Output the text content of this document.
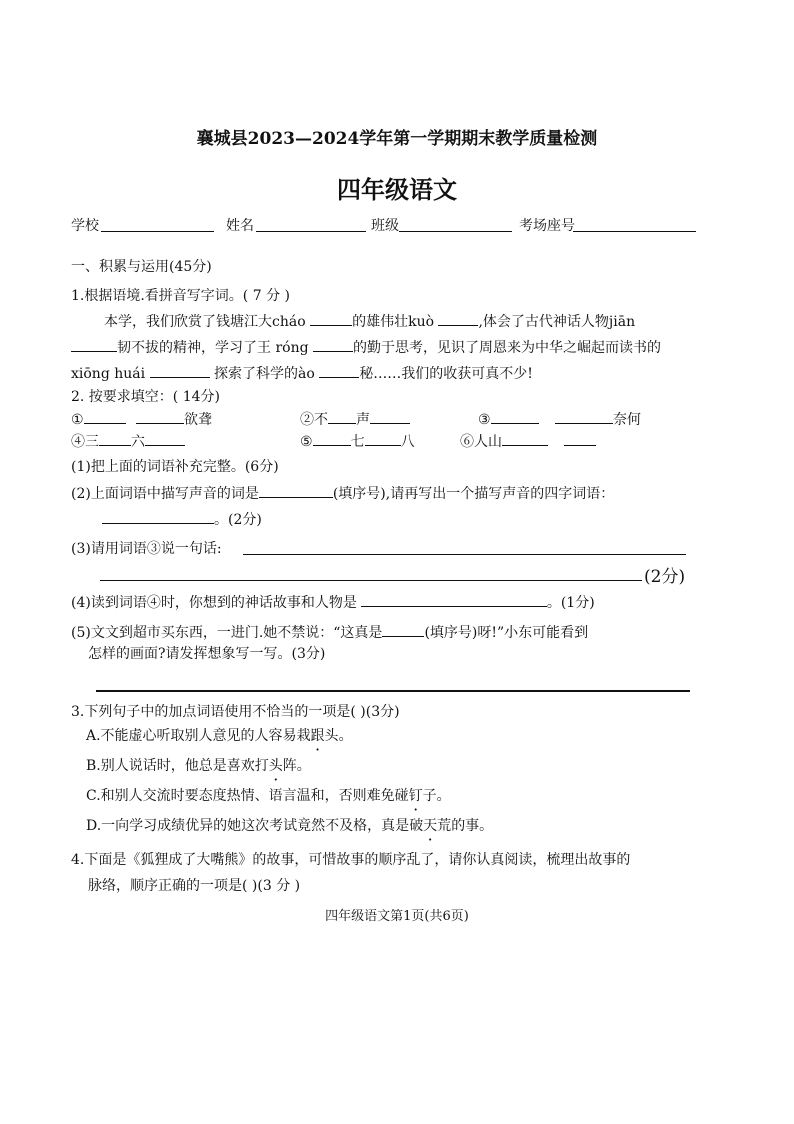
襄城县2023—2024学年第一学期期末教学质量检测
四年级语文
学校	姓名	班级	考场座号
一、积累与运用(45分)
1.根据语境.看拼音写字词。( 7 分 )
本学，我们欣赏了钱塘江大cháo	的雄伟壮kuò	,体会了古代神话人物jiān
韧不拔的精神，学习了王 róng	的勤于思考，见识了周恩来为中华之崛起而读书的
xiōng huái	探索了科学的ào	秘……我们的收获可真不少!
2. 按要求填空：( 14分)
①	欲聋	②不 声	③	奈何
④三 六	⑤	七	八	⑥人山
(1)把上面的词语补充完整。(6分)
(2)上面词语中描写声音的词是	(填序号),请再写出一个描写声音的四字词语：
。(2分)
(3)请用词语③说一句话:
(2分)
(4)读到词语④时，你想到的神话故事和人物是	。(1分)
(5)文文到超市买东西，一进门.她不禁说：“这真是	(填序号)呀!”小东可能看到
怎样的画面?请发挥想象写一写。(3分)
3.下列句子中的加点词语使用不恰当的一项是( )(3分)
A.不能虚心听取别人意见的人容易栽跟头。
B.别人说话时，他总是喜欢打头阵。
C.和别人交流时要态度热情、语言温和，否则难免碰钉子。
D.一向学习成绩优异的她这次考试竟然不及格，真是破天荒的事。
4.下面是《狐狸成了大嘴熊》的故事，可惜故事的顺序乱了，请你认真阅读，梳理出故事的
脉络，顺序正确的一项是( )(3 分 )
四年级语文第1页(共6页)
